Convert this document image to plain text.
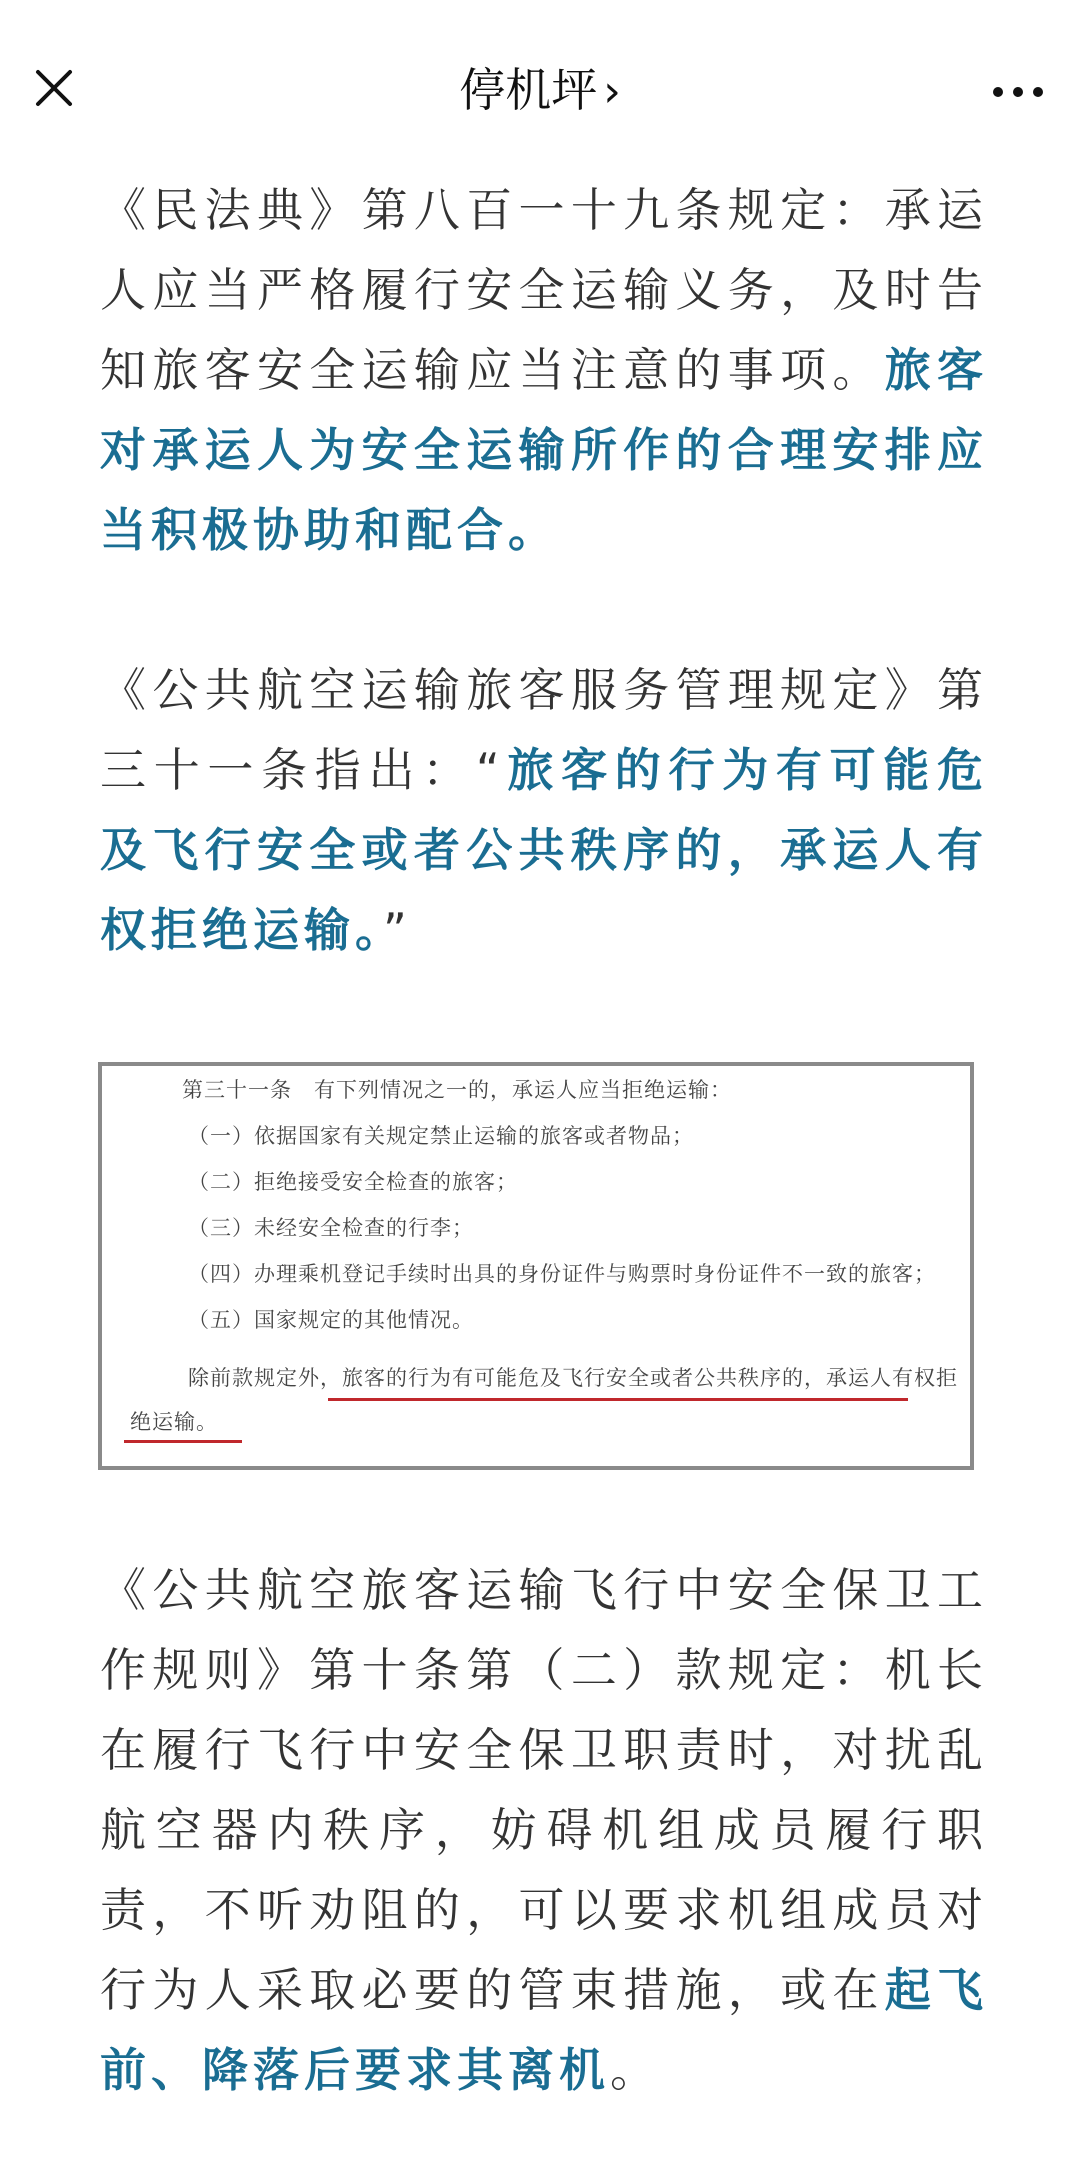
停机坪 ›

《民法典》第八百一十九条规定：承运人应当严格履行安全运输义务，及时告知旅客安全运输应当注意的事项。旅客对承运人为安全运输所作的合理安排应当积极协助和配合。

《公共航空运输旅客服务管理规定》第三十一条指出：“旅客的行为有可能危及飞行安全或者公共秩序的，承运人有权拒绝运输。”

第三十一条　有下列情况之一的，承运人应当拒绝运输：
（一）依据国家有关规定禁止运输的旅客或者物品；
（二）拒绝接受安全检查的旅客；
（三）未经安全检查的行李；
（四）办理乘机登记手续时出具的身份证件与购票时身份证件不一致的旅客；
（五）国家规定的其他情况。
除前款规定外，旅客的行为有可能危及飞行安全或者公共秩序的，承运人有权拒
绝运输。

《公共航空旅客运输飞行中安全保卫工作规则》第十条第（二）款规定：机长在履行飞行中安全保卫职责时，对扰乱航空器内秩序，妨碍机组成员履行职责，不听劝阻的，可以要求机组成员对行为人采取必要的管束措施，或在起飞前、降落后要求其离机。
